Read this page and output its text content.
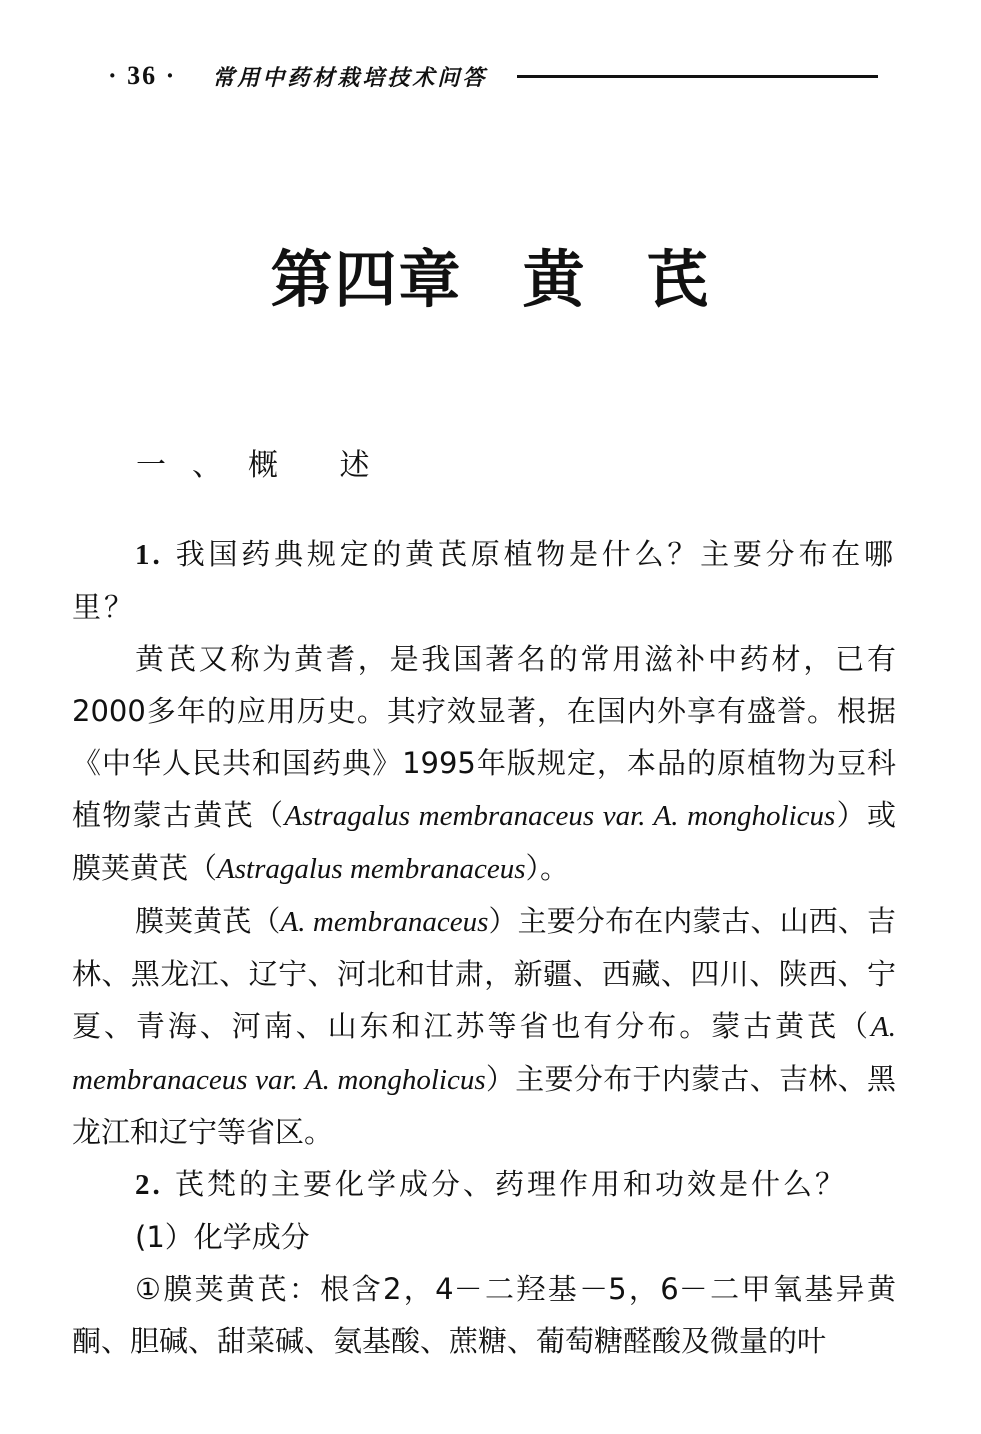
· 36 · 常用中药材栽培技术问答
第四章 黄 芪
一、概 述

1. 我国药典规定的黄芪原植物是什么？主要分布在哪里？

黄芪又称为黄耆，是我国著名的常用滋补中药材，已有2000多年的应用历史。其疗效显著，在国内外享有盛誉。根据《中华人民共和国药典》1995年版规定，本品的原植物为豆科植物蒙古黄芪（Astragalus membranaceus var. A. mongholicus）或膜荚黄芪（Astragalus membranaceus）。

膜荚黄芪（A. membranaceus）主要分布在内蒙古、山西、吉林、黑龙江、辽宁、河北和甘肃，新疆、西藏、四川、陕西、宁夏、青海、河南、山东和江苏等省也有分布。蒙古黄芪（A. membranaceus var. A. mongholicus）主要分布于内蒙古、吉林、黑龙江和辽宁等省区。

2. 芪梵的主要化学成分、药理作用和功效是什么？

(1）化学成分

①膜荚黄芪：根含2，4－二羟基－5，6－二甲氧基异黄酮、胆碱、甜菜碱、氨基酸、蔗糖、葡萄糖醛酸及微量的叶
